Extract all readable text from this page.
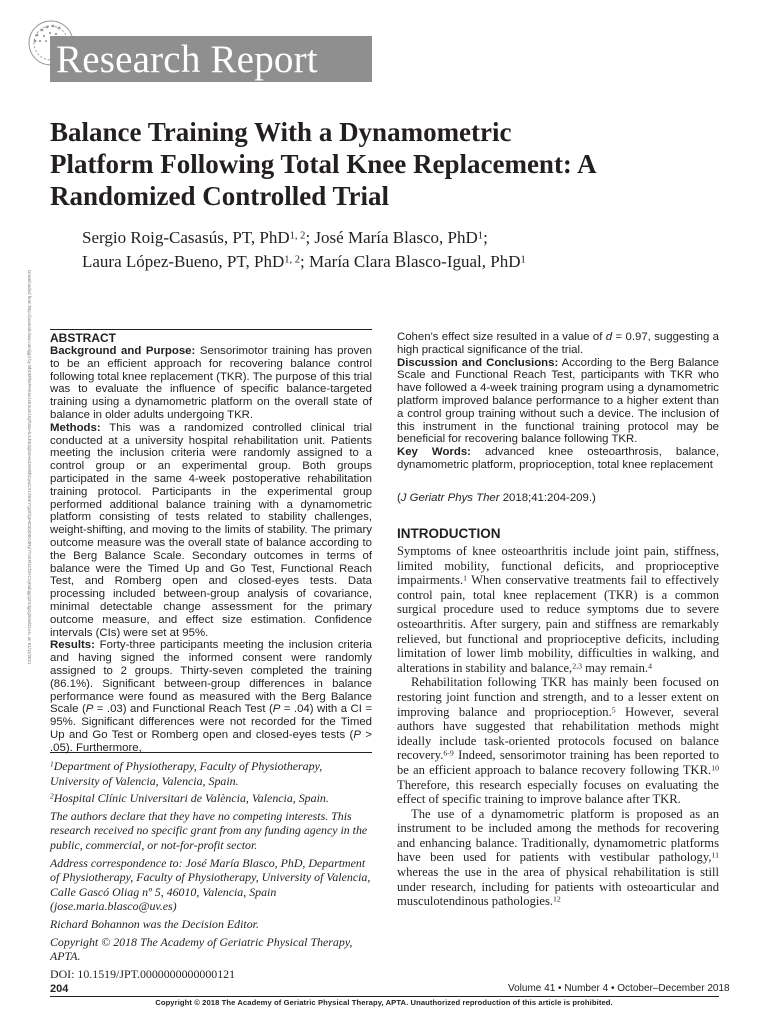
Research Report
Balance Training With a Dynamometric
Platform Following Total Knee Replacement: A
Randomized Controlled Trial
Sergio Roig-Casasús, PT, PhD$^{1, 2}$; José María Blasco, PhD$^1$;
Laura López-Bueno, PT, PhD$^{1, 2}$; María Clara Blasco-Igual, PhD$^1$
Downloaded from http://journals.lww.com/jgpt by BhDMf5ePHKav1zEoum1tQfN4a+kJLhEZgbsIHo4XMi0hCywCX1AWnYQp/IlQrHD3i3D0OdRyi7TvSFl4Cf3VC1y0abggQZXdgGj2MwlZLeI= on 01/11/2021 ABSTRACT

Background and Purpose: Sensorimotor training has proven to be an efficient approach for recovering balance control following total knee replacement (TKR). The purpose of this trial was to evaluate the influence of specific balance-targeted training using a dynamometric platform on the overall state of balance in older adults undergoing TKR.

Methods: This was a randomized controlled clinical trial conducted at a university hospital rehabilitation unit. Patients meeting the inclusion criteria were randomly assigned to a control group or an experimental group. Both groups participated in the same 4-week postoperative rehabilitation training protocol. Participants in the experimental group performed additional balance training with a dynamometric platform consisting of tests related to stability challenges, weight-shifting, and moving to the limits of stability. The primary outcome measure was the overall state of balance according to the Berg Balance Scale. Secondary outcomes in terms of balance were the Timed Up and Go Test, Functional Reach Test, and Romberg open and closed-eyes tests. Data processing included between-group analysis of covariance, minimal detectable change assessment for the primary outcome measure, and effect size estimation. Confidence intervals (CIs) were set at 95%.

Results: Forty-three participants meeting the inclusion criteria and having signed the informed consent were randomly assigned to 2 groups. Thirty-seven completed the training (86.1%). Significant between-group differences in balance performance were found as measured with the Berg Balance Scale (P = .03) and Functional Reach Test (P = .04) with a CI = 95%. Significant differences were not recorded for the Timed Up and Go Test or Romberg open and closed-eyes tests (P > .05). Furthermore,

$^1$Department of Physiotherapy, Faculty of Physiotherapy, University of Valencia, Valencia, Spain.

$^2$Hospital Clínic Universitari de València, Valencia, Spain.

The authors declare that they have no competing interests. This research received no specific grant from any funding agency in the public, commercial, or not-for-profit sector.

Address correspondence to: José María Blasco, PhD, Department of Physiotherapy, Faculty of Physiotherapy, University of Valencia, Calle Gascó Oliag nº 5, 46010, Valencia, Spain (jose.maria.blasco@uv.es)

Richard Bohannon was the Decision Editor.

Copyright © 2018 The Academy of Geriatric Physical Therapy, APTA.

DOI: 10.1519/JPT.0000000000000121

Cohen's effect size resulted in a value of d = 0.97, suggesting a high practical significance of the trial.

Discussion and Conclusions: According to the Berg Balance Scale and Functional Reach Test, participants with TKR who have followed a 4-week training program using a dynamometric platform improved balance performance to a higher extent than a control group training without such a device. The inclusion of this instrument in the functional training protocol may be beneficial for recovering balance following TKR.

Key Words: advanced knee osteoarthrosis, balance, dynamometric platform, proprioception, total knee replacement

(J Geriatr Phys Ther 2018;41:204-209.)
INTRODUCTION

Symptoms of knee osteoarthritis include joint pain, stiffness, limited mobility, functional deficits, and proprioceptive impairments.$^1$ When conservative treatments fail to effectively control pain, total knee replacement (TKR) is a common surgical procedure used to reduce symptoms due to severe osteoarthritis. After surgery, pain and stiffness are remarkably relieved, but functional and proprioceptive deficits, including limitation of lower limb mobility, difficulties in walking, and alterations in stability and balance,$^{2,3}$ may remain.$^4$

Rehabilitation following TKR has mainly been focused on restoring joint function and strength, and to a lesser extent on improving balance and proprioception.$^5$ However, several authors have suggested that rehabilitation methods might ideally include task-oriented protocols focused on balance recovery.$^{6-9}$ Indeed, sensorimotor training has been reported to be an efficient approach to balance recovery following TKR.$^{10}$ Therefore, this research especially focuses on evaluating the effect of specific training to improve balance after TKR.

The use of a dynamometric platform is proposed as an instrument to be included among the methods for recovering and enhancing balance. Traditionally, dynamometric platforms have been used for patients with vestibular pathology,$^{11}$ whereas the use in the area of physical rehabilitation is still under research, including for patients with osteoarticular and musculotendinous pathologies.$^{12}$

204	Volume 41 • Number 4 • October–December 2018
Copyright © 2018 The Academy of Geriatric Physical Therapy, APTA. Unauthorized reproduction of this article is prohibited.
